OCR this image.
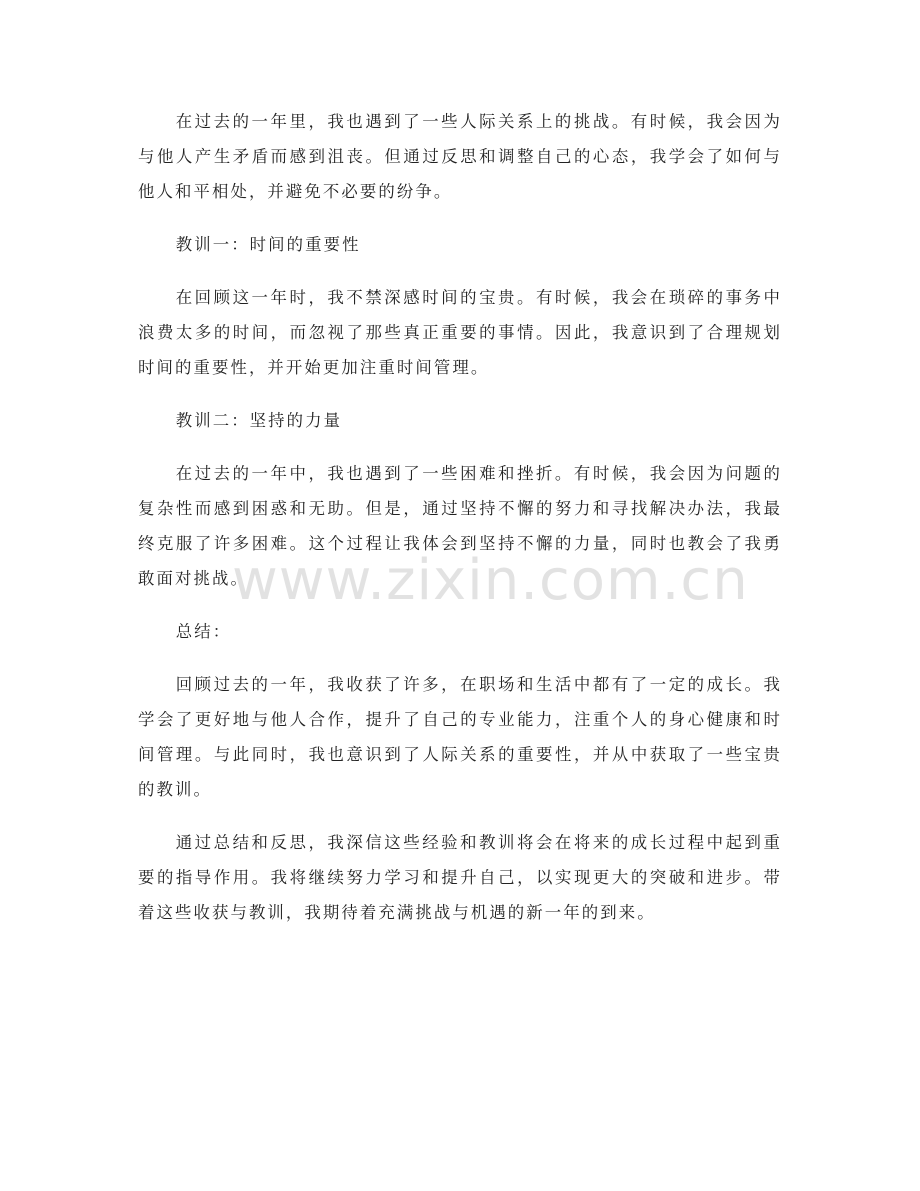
在过去的一年里，我也遇到了一些人际关系上的挑战。有时候，我会因为与他人产生矛盾而感到沮丧。但通过反思和调整自己的心态，我学会了如何与他人和平相处，并避免不必要的纷争。

教训一：时间的重要性

在回顾这一年时，我不禁深感时间的宝贵。有时候，我会在琐碎的事务中浪费太多的时间，而忽视了那些真正重要的事情。因此，我意识到了合理规划时间的重要性，并开始更加注重时间管理。

教训二：坚持的力量

在过去的一年中，我也遇到了一些困难和挫折。有时候，我会因为问题的复杂性而感到困惑和无助。但是，通过坚持不懈的努力和寻找解决办法，我最终克服了许多困难。这个过程让我体会到坚持不懈的力量，同时也教会了我勇敢面对挑战。

总结：

回顾过去的一年，我收获了许多，在职场和生活中都有了一定的成长。我学会了更好地与他人合作，提升了自己的专业能力，注重个人的身心健康和时间管理。与此同时，我也意识到了人际关系的重要性，并从中获取了一些宝贵的教训。

通过总结和反思，我深信这些经验和教训将会在将来的成长过程中起到重要的指导作用。我将继续努力学习和提升自己，以实现更大的突破和进步。带着这些收获与教训，我期待着充满挑战与机遇的新一年的到来。

www.zixin.com.cn
